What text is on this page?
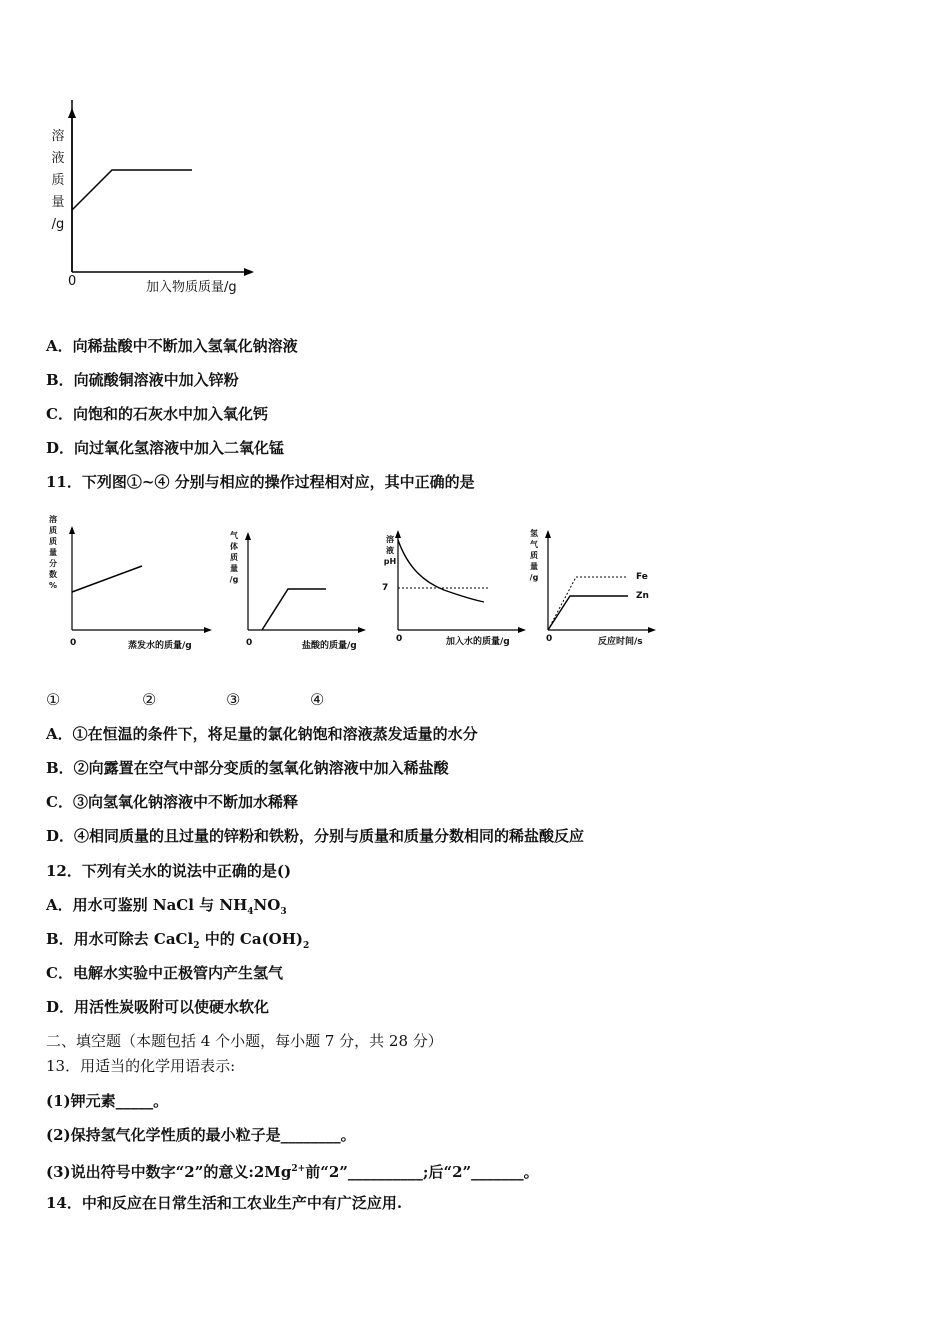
溶
液
质
量
/g
0	加入物质质量/g
A．向稀盐酸中不断加入氢氧化钠溶液
B．向硫酸铜溶液中加入锌粉
C．向饱和的石灰水中加入氧化钙
D．向过氧化氢溶液中加入二氧化锰
11．下列图①~④ 分别与相应的操作过程相对应，其中正确的是
溶
质
质
量
分
数
%
0	蒸发水的质量/g
气
体
质
量
/g
0	盐酸的质量/g
溶
液
pH
7
0	加入水的质量/g
氢
气
质
量
/g	Fe
Zn
0	反应时间/s
①	②	③	④
A．①在恒温的条件下，将足量的氯化钠饱和溶液蒸发适量的水分
B．②向露置在空气中部分变质的氢氧化钠溶液中加入稀盐酸
C．③向氢氧化钠溶液中不断加水稀释
D．④相同质量的且过量的锌粉和铁粉，分别与质量和质量分数相同的稀盐酸反应
12．下列有关水的说法中正确的是()
A．用水可鉴别 NaCl 与 $NH_4NO_3$
B．用水可除去 CaCl$_2$ 中的 $Ca(OH)_2$
C．电解水实验中正极管内产生氢气
D．用活性炭吸附可以使硬水软化
二、填空题（本题包括 4 个小题，每小题 7 分，共 28 分）
13．用适当的化学用语表示:
(1)钾元素_____。
(2)保持氢气化学性质的最小粒子是________。
(3)说出符号中数字“2”的意义$:2Mg^{2+}$前“2”__________;后“2”_______。
14．中和反应在日常生活和工农业生产中有广泛应用.
